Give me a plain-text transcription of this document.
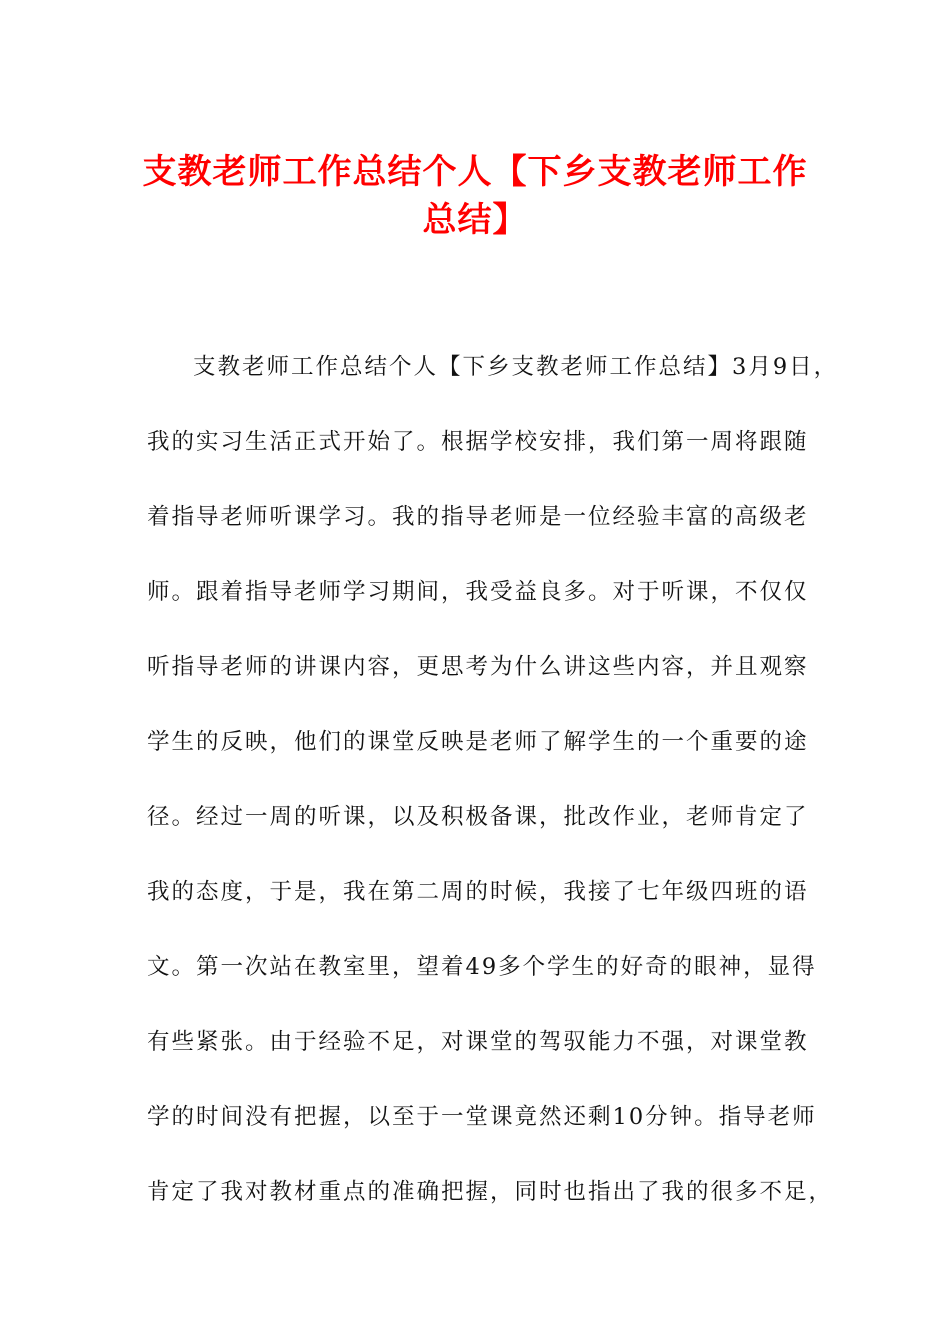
支教老师工作总结个人【下乡支教老师工作
总结】
支教老师工作总结个人【下乡支教老师工作总结】3月9日，
我的实习生活正式开始了。根据学校安排，我们第一周将跟随
着指导老师听课学习。我的指导老师是一位经验丰富的高级老
师。跟着指导老师学习期间，我受益良多。对于听课，不仅仅
听指导老师的讲课内容，更思考为什么讲这些内容，并且观察
学生的反映，他们的课堂反映是老师了解学生的一个重要的途
径。经过一周的听课，以及积极备课，批改作业，老师肯定了
我的态度，于是，我在第二周的时候，我接了七年级四班的语
文。第一次站在教室里，望着49多个学生的好奇的眼神，显得
有些紧张。由于经验不足，对课堂的驾驭能力不强，对课堂教
学的时间没有把握，以至于一堂课竟然还剩10分钟。指导老师
肯定了我对教材重点的准确把握，同时也指出了我的很多不足，
